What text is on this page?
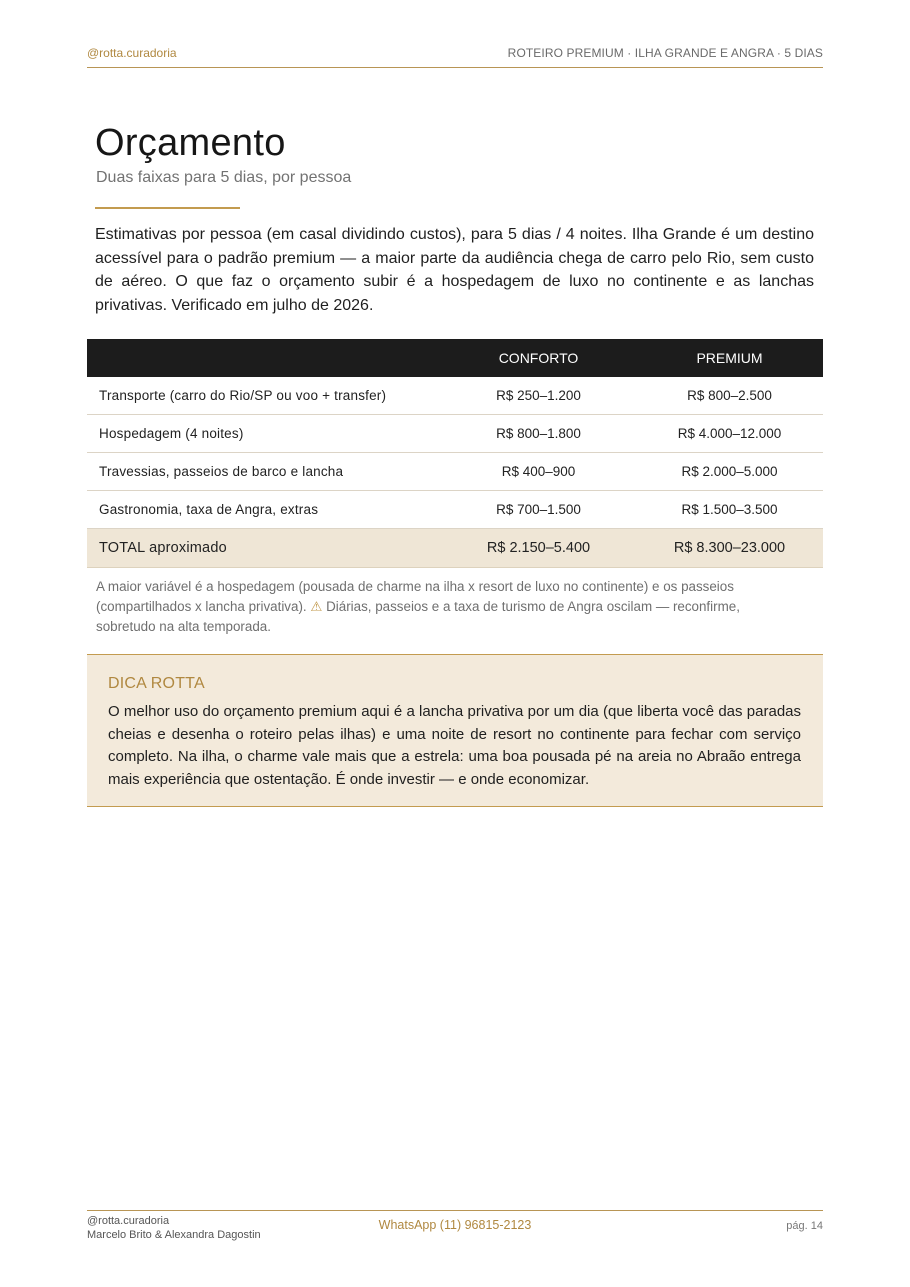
@rotta.curadoria	ROTEIRO PREMIUM · ILHA GRANDE E ANGRA · 5 DIAS
Orçamento
Duas faixas para 5 dias, por pessoa

Estimativas por pessoa (em casal dividindo custos), para 5 dias / 4 noites. Ilha Grande é um destino acessível para o padrão premium — a maior parte da audiência chega de carro pelo Rio, sem custo de aéreo. O que faz o orçamento subir é a hospedagem de luxo no continente e as lanchas privativas. Verificado em julho de 2026.

	CONFORTO	PREMIUM
Transporte (carro do Rio/SP ou voo + transfer)	R$ 250–1.200	R$ 800–2.500
Hospedagem (4 noites)	R$ 800–1.800	R$ 4.000–12.000
Travessias, passeios de barco e lancha	R$ 400–900	R$ 2.000–5.000
Gastronomia, taxa de Angra, extras	R$ 700–1.500	R$ 1.500–3.500
TOTAL aproximado	R$ 2.150–5.400	R$ 8.300–23.000
A maior variável é a hospedagem (pousada de charme na ilha x resort de luxo no continente) e os passeios (compartilhados x lancha privativa). ⚠ Diárias, passeios e a taxa de turismo de Angra oscilam — reconfirme, sobretudo na alta temporada.
DICA ROTTA

O melhor uso do orçamento premium aqui é a lancha privativa por um dia (que liberta você das paradas cheias e desenha o roteiro pelas ilhas) e uma noite de resort no continente para fechar com serviço completo. Na ilha, o charme vale mais que a estrela: uma boa pousada pé na areia no Abraão entrega mais experiência que ostentação. É onde investir — e onde economizar.

@rotta.curadoria
Marcelo Brito & Alexandra Dagostin
WhatsApp (11) 96815-2123	pág. 14
